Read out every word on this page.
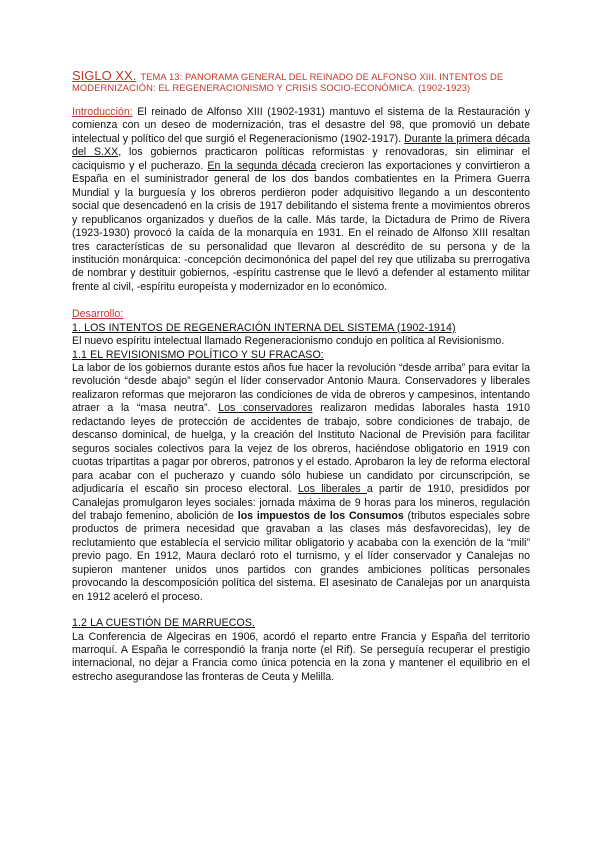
SIGLO XX. TEMA 13: PANORAMA GENERAL DEL REINADO DE ALFONSO XIII. INTENTOS DE MODERNIZACIÓN: EL REGENERACIONISMO Y CRISIS SOCIO-ECONÓMICA. (1902-1923)

Introducción: El reinado de Alfonso XIII (1902-1931) mantuvo el sistema de la Restauración y comienza con un deseo de modernización, tras el desastre del 98, que promovió un debate intelectual y político del que surgió el Regeneracionismo (1902-1917). Durante la primera década del S.XX, los gobiernos practicaron políticas reformistas y renovadoras, sin eliminar el caciquismo y el pucherazo. En la segunda década crecieron las exportaciones y convirtieron a España en el suministrador general de los dos bandos combatientes en la Primera Guerra Mundial y la burguesía y los obreros perdieron poder adquisitivo llegando a un descontento social que desencadenó en la crisis de 1917 debilitando el sistema frente a movimientos obreros y republicanos organizados y dueños de la calle. Más tarde, la Dictadura de Primo de Rivera (1923-1930) provocó la caída de la monarquía en 1931. En el reinado de Alfonso XIII resaltan tres características de su personalidad que llevaron al descrédito de su persona y de la institución monárquica: -concepción decimonónica del papel del rey que utilizaba su prerrogativa de nombrar y destituir gobiernos, -espíritu castrense que le llevó a defender al estamento militar frente al civil, -espíritu europeísta y modernizador en lo económico.

Desarrollo:
1. LOS INTENTOS DE REGENERACIÓN INTERNA DEL SISTEMA (1902-1914)

El nuevo espíritu intelectual llamado Regeneracionismo condujo en política al Revisionismo.

1.1 EL REVISIONISMO POLÍTICO Y SU FRACASO:

La labor de los gobiernos durante estos años fue hacer la revolución “desde arriba” para evitar la revolución “desde abajo” según el líder conservador Antonio Maura. Conservadores y liberales realizaron reformas que mejoraron las condiciones de vida de obreros y campesinos, intentando atraer a la “masa neutra”. Los conservadores realizaron medidas laborales hasta 1910 redactando leyes de protección de accidentes de trabajo, sobre condiciones de trabajo, de descanso dominical, de huelga, y la creación del Instituto Nacional de Previsión para facilitar seguros sociales colectivos para la vejez de los obreros, haciéndose obligatorio en 1919 con cuotas tripartitas a pagar por obreros, patronos y el estado. Aprobaron la ley de reforma electoral para acabar con el pucherazo y cuando sólo hubiese un candidato por circunscripción, se adjudicaría el escaño sin proceso electoral. Los liberales a partir de 1910, presididos por Canalejas promulgaron leyes sociales: jornada máxima de 9 horas para los mineros, regulación del trabajo femenino, abolición de los impuestos de los Consumos (tributos especiales sobre productos de primera necesidad que gravaban a las clases más desfavorecidas), ley de reclutamiento que establecía el servicio militar obligatorio y acababa con la exención de la “mili” previo pago. En 1912, Maura declaró roto el turnismo, y el líder conservador y Canalejas no supieron mantener unidos unos partidos con grandes ambiciones políticas personales provocando la descomposición política del sistema. El asesinato de Canalejas por un anarquista en 1912 aceleró el proceso.

1.2 LA CUESTIÓN DE MARRUECOS.

La Conferencia de Algeciras en 1906, acordó el reparto entre Francia y España del territorio marroquí. A España le correspondió la franja norte (el Rif). Se perseguía recuperar el prestigio internacional, no dejar a Francia como única potencia en la zona y mantener el equilibrio en el estrecho asegurandose las fronteras de Ceuta y Melilla.
